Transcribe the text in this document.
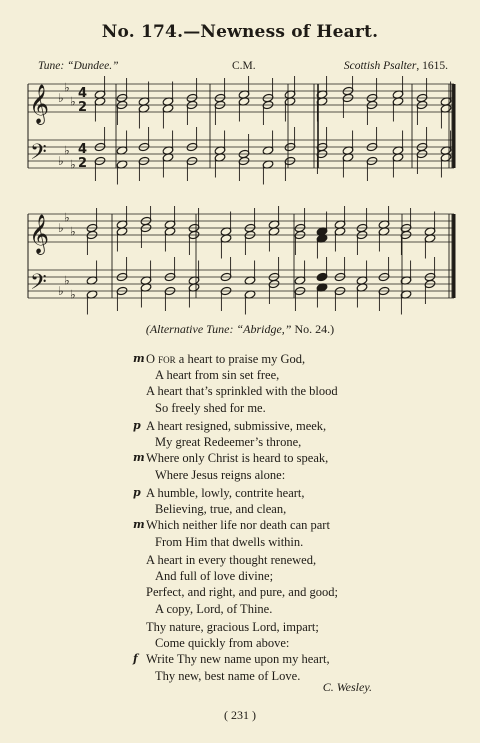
No. 174.—Newness of Heart.
Tune: “Dundee.”	C.M.	Scottish Psalter, 1615.
𝄞
𝄢
♭
♭
♭
♭
♭
♭
4
2
4
2
𝄞
𝄢
♭
♭
♭
♭
♭
♭
(Alternative Tune: “Abridge,” No. 24.)
m O for a heart to praise my God,
A heart from sin set free,
A heart that’s sprinkled with the blood
So freely shed for me.
p A heart resigned, submissive, meek,
My great Redeemer’s throne,
m Where only Christ is heard to speak,
Where Jesus reigns alone:
p A humble, lowly, contrite heart,
Believing, true, and clean,
m Which neither life nor death can part
From Him that dwells within.
A heart in every thought renewed,
And full of love divine;
Perfect, and right, and pure, and good;
A copy, Lord, of Thine.
Thy nature, gracious Lord, impart;
Come quickly from above:
f Write Thy new name upon my heart,
Thy new, best name of Love.
C. Wesley.
( 231 )
